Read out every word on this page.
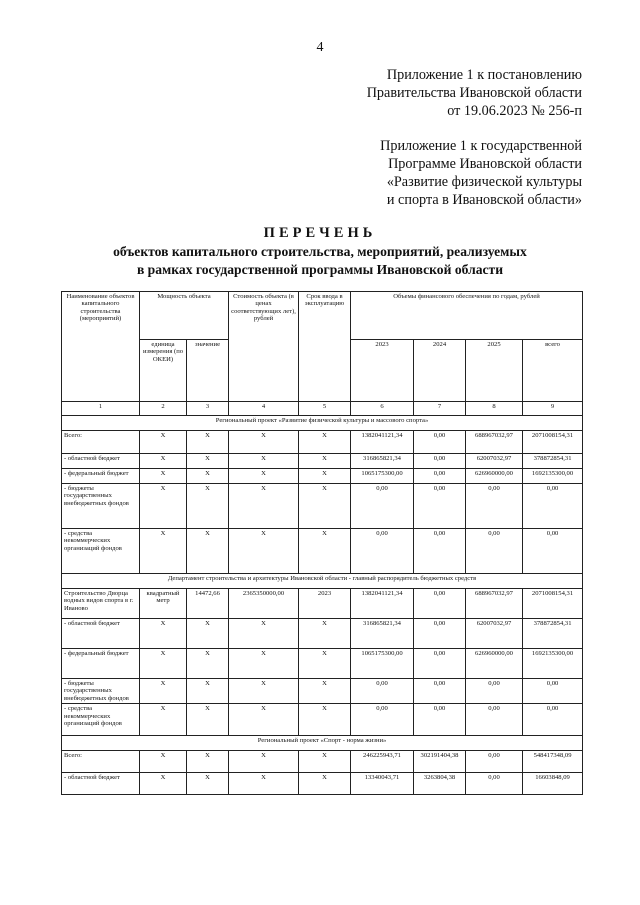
4
Приложение 1 к постановлению
Правительства Ивановской области
от 19.06.2023 № 256-п
Приложение 1 к государственной
Программе Ивановской области
«Развитие физической культуры
и спорта в Ивановской области»
ПЕРЕЧЕНЬ
объектов капитального строительства, мероприятий, реализуемых
в рамках государственной программы Ивановской области
Наименование объектов капитального строительства (мероприятий)	Мощность объекта		Стоимость объекта (в ценах соответствующих лет), рублей	Срок ввода в эксплуатацию	Объемы финансового обеспечения по годам, рублей			
	единица измерения (по ОКЕИ)	значение			2023	2024	2025	всего
1	2	3	4	5	6	7	8	9
Региональный проект «Развитие физической культуры и массового спорта»								
Всего:	Х	Х	Х	Х	1382041121,34	0,00	688967032,97	2071008154,31
- областной бюджет	Х	Х	Х	Х	316865821,34	0,00	62007032,97	378872854,31
- федеральный бюджет	Х	Х	Х	Х	1065175300,00	0,00	626960000,00	1692135300,00
- бюджеты государственных внебюджетных фондов	Х	Х	Х	Х	0,00	0,00	0,00	0,00
- средства некоммерческих организаций фондов	Х	Х	Х	Х	0,00	0,00	0,00	0,00
Департамент строительства и архитектуры Ивановской области - главный распорядитель бюджетных средств								
Строительство Дворца водных видов спорта в г. Иваново	квадратный метр	14472,66	2365350000,00	2023	1382041121,34	0,00	688967032,97	2071008154,31
- областной бюджет	Х	Х	Х	Х	316865821,34	0,00	62007032,97	378872854,31
- федеральный бюджет	Х	Х	Х	Х	1065175300,00	0,00	626960000,00	1692135300,00
- бюджеты государственных внебюджетных фондов	Х	Х	Х	Х	0,00	0,00	0,00	0,00
- средства некоммерческих организаций фондов	Х	Х	Х	Х	0,00	0,00	0,00	0,00
Региональный проект «Спорт - норма жизни»								
Всего:	Х	Х	Х	Х	246225943,71	302191404,38	0,00	548417348,09
- областной бюджет	Х	Х	Х	Х	13340043,71	3263804,38	0,00	16603848,09
